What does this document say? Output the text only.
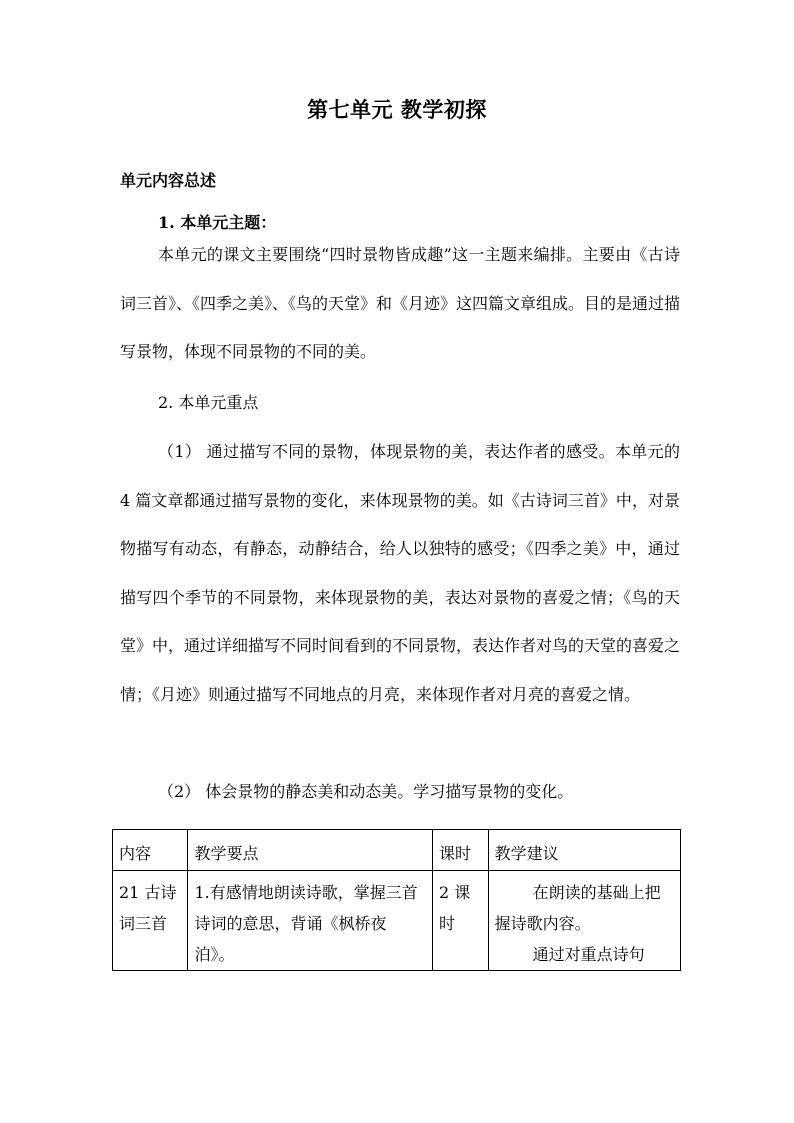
第七单元 教学初探
单元内容总述
1. 本单元主题：

本单元的课文主要围绕“四时景物皆成趣”这一主题来编排。主要由《古诗词三首》、《四季之美》、《鸟的天堂》和《月迹》这四篇文章组成。目的是通过描写景物，体现不同景物的不同的美。

2. 本单元重点

（1） 通过描写不同的景物，体现景物的美，表达作者的感受。本单元的 4 篇文章都通过描写景物的变化，来体现景物的美。如《古诗词三首》中，对景物描写有动态，有静态，动静结合，给人以独特的感受；《四季之美》中，通过描写四个季节的不同景物，来体现景物的美，表达对景物的喜爱之情；《鸟的天堂》中，通过详细描写不同时间看到的不同景物，表达作者对鸟的天堂的喜爱之情；《月迹》则通过描写不同地点的月亮，来体现作者对月亮的喜爱之情。

（2） 体会景物的静态美和动态美。学习描写景物的变化。
内容	教学要点	课时	教学建议
21 古诗词三首	1.有感情地朗读诗歌，掌握三首诗词的意思，背诵《枫桥夜泊》。	2 课时	在朗读的基础上把握诗歌内容。
通过对重点诗句
